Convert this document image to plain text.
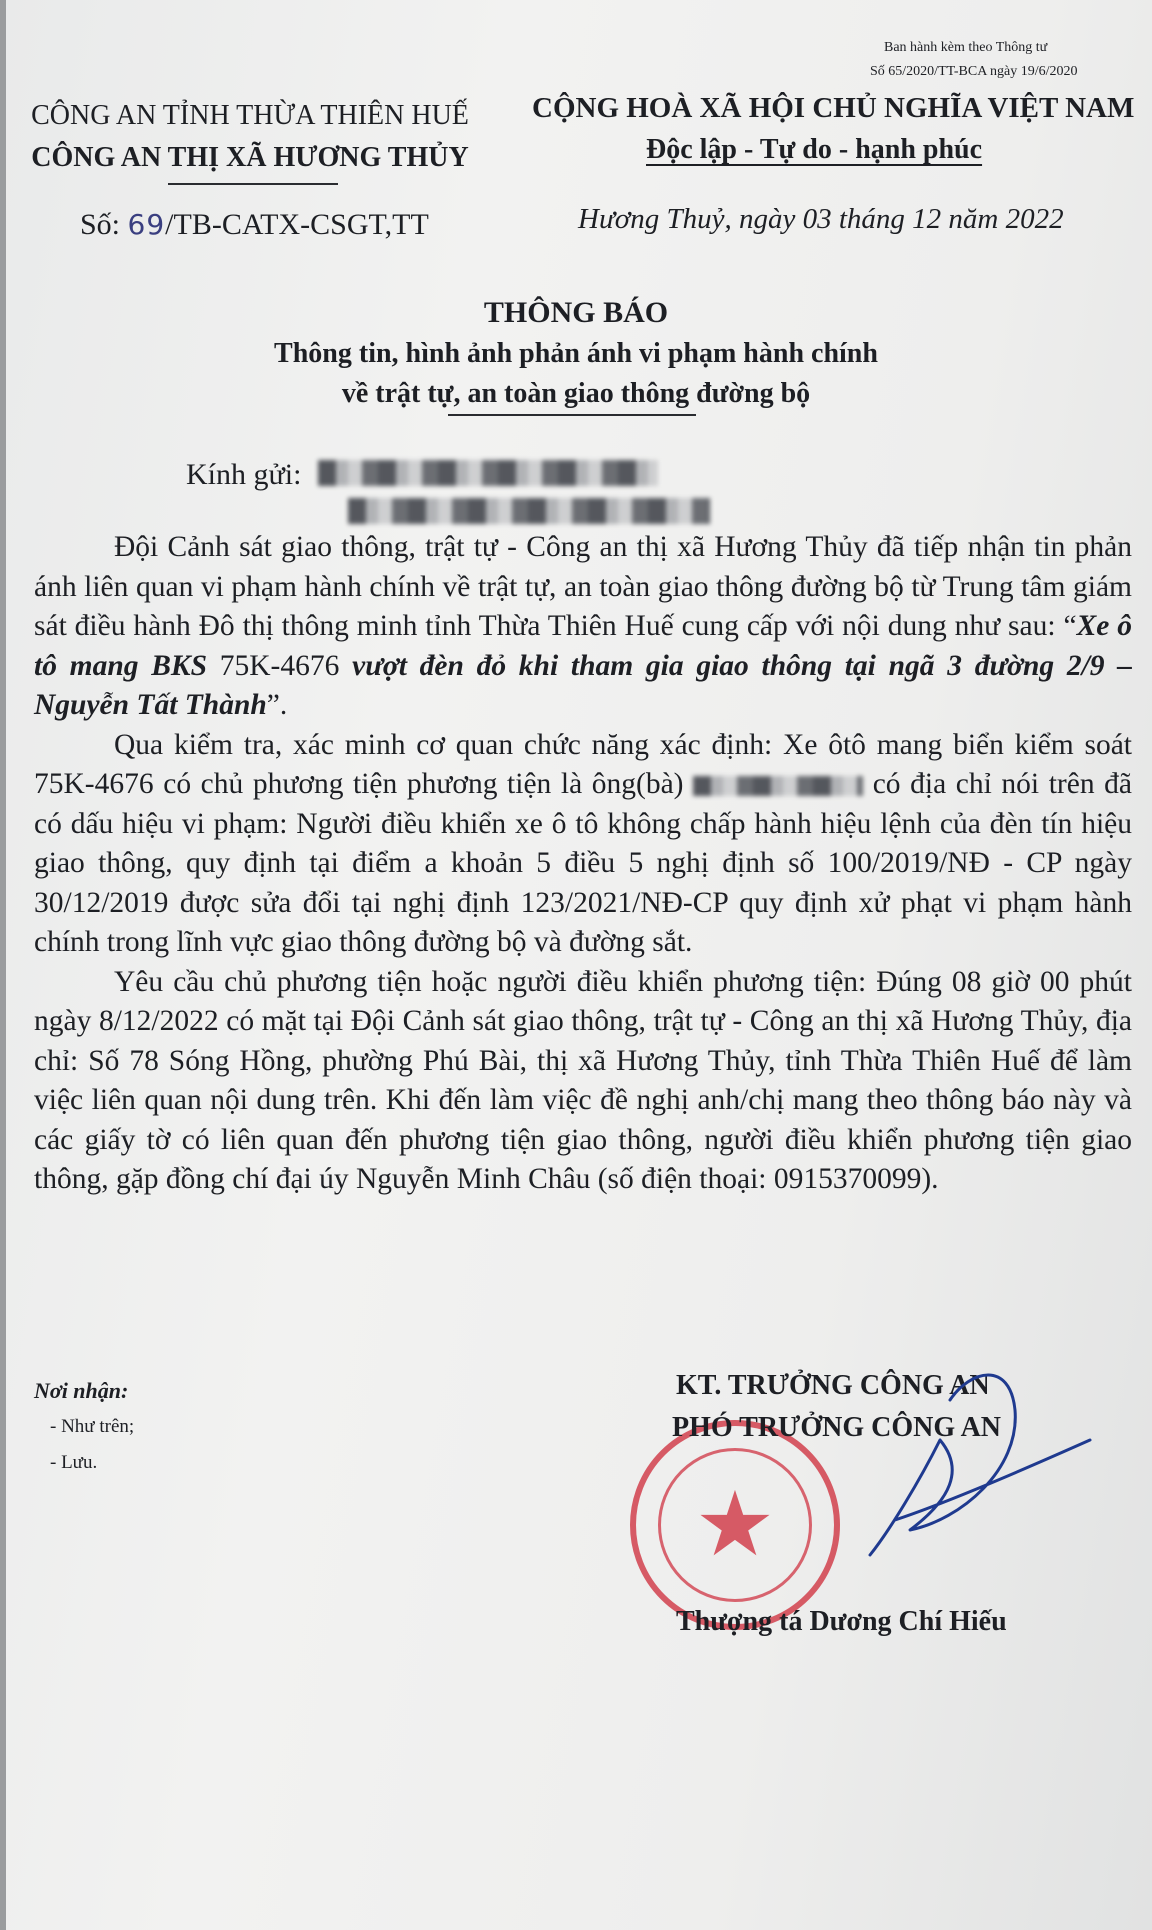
Ban hành kèm theo Thông tư
Số 65/2020/TT-BCA ngày 19/6/2020
CÔNG AN TỈNH THỪA THIÊN HUẾ
CÔNG AN THỊ XÃ HƯƠNG THỦY
Số: 69/TB-CATX-CSGT,TT
CỘNG HOÀ XÃ HỘI CHỦ NGHĨA VIỆT NAM
Độc lập - Tự do - hạnh phúc
Hương Thuỷ, ngày 03 tháng 12 năm 2022
THÔNG BÁO
Thông tin, hình ảnh phản ánh vi phạm hành chính
về trật tự, an toàn giao thông đường bộ
Kính gửi:

Đội Cảnh sát giao thông, trật tự - Công an thị xã Hương Thủy đã tiếp nhận tin phản ánh liên quan vi phạm hành chính về trật tự, an toàn giao thông đường bộ từ Trung tâm giám sát điều hành Đô thị thông minh tỉnh Thừa Thiên Huế cung cấp với nội dung như sau: “Xe ô tô mang BKS 75K-4676 vượt đèn đỏ khi tham gia giao thông tại ngã 3 đường 2/9 – Nguyễn Tất Thành”.

Qua kiểm tra, xác minh cơ quan chức năng xác định: Xe ôtô mang biển kiểm soát 75K-4676 có chủ phương tiện phương tiện là ông(bà)	có địa chỉ nói trên đã có dấu hiệu vi phạm: Người điều khiển xe ô tô không chấp hành hiệu lệnh của đèn tín hiệu giao thông, quy định tại điểm a khoản 5 điều 5 nghị định số 100/2019/NĐ - CP ngày 30/12/2019 được sửa đổi tại nghị định 123/2021/NĐ-CP quy định xử phạt vi phạm hành chính trong lĩnh vực giao thông đường bộ và đường sắt.

Yêu cầu chủ phương tiện hoặc người điều khiển phương tiện: Đúng 08 giờ 00 phút ngày 8/12/2022 có mặt tại Đội Cảnh sát giao thông, trật tự - Công an thị xã Hương Thủy, địa chỉ: Số 78 Sóng Hồng, phường Phú Bài, thị xã Hương Thủy, tỉnh Thừa Thiên Huế để làm việc liên quan nội dung trên. Khi đến làm việc đề nghị anh/chị mang theo thông báo này và các giấy tờ có liên quan đến phương tiện giao thông, người điều khiển phương tiện giao thông, gặp đồng chí đại úy Nguyễn Minh Châu (số điện thoại: 0915370099).

Nơi nhận:
- Như trên;
- Lưu.
★
KT. TRƯỞNG CÔNG AN
PHÓ TRƯỞNG CÔNG AN
Thượng tá Dương Chí Hiếu
